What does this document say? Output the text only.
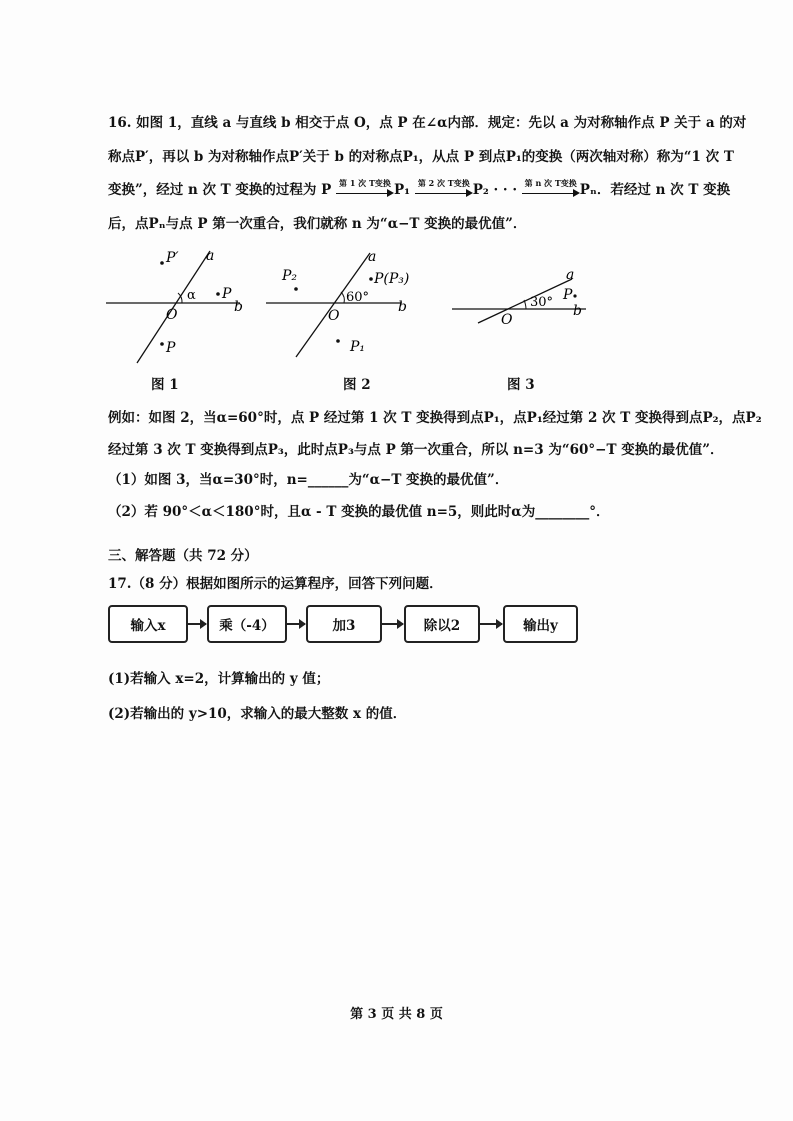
16. 如图 1，直线 a 与直线 b 相交于点 O，点 P 在∠α内部．规定：先以 a 为对称轴作点 P 关于 a 的对
称点P′，再以 b 为对称轴作点P′关于 b 的对称点P₁，从点 P 到点P₁的变换（两次轴对称）称为“1 次 T
变换”，经过 n 次 T 变换的过程为 P 第 1 次 T变换 P₁ 第 2 次 T变换 P₂ · · · 第 n 次 T变换 Pₙ．若经过 n 次 T 变换
后，点Pₙ与点 P 第一次重合，我们就称 n 为“α−T 变换的最优值”．
P′ a
α P
O	b
P
图 1
a
P₂	P(P₃)
60°
O
b
P₁
图 2
a
30° P
O
b
图 3
例如：如图 2，当α=60°时，点 P 经过第 1 次 T 变换得到点P₁，点P₁经过第 2 次 T 变换得到点P₂，点P₂
经过第 3 次 T 变换得到点P₃，此时点P₃与点 P 第一次重合，所以 n=3 为“60°−T 变换的最优值”．
（1）如图 3，当α=30°时，n=______为“α−T 变换的最优值”．
（2）若 90°＜α＜180°时，且α - T 变换的最优值 n=5，则此时α为________°．
三、解答题（共 72 分）
17.（8 分）根据如图所示的运算程序，回答下列问题．
输入x	乘（-4）	加3	除以2	输出y
(1)若输入 x=2，计算输出的 y 值；
(2)若输出的 y>10，求输入的最大整数 x 的值．
第 3 页 共 8 页
